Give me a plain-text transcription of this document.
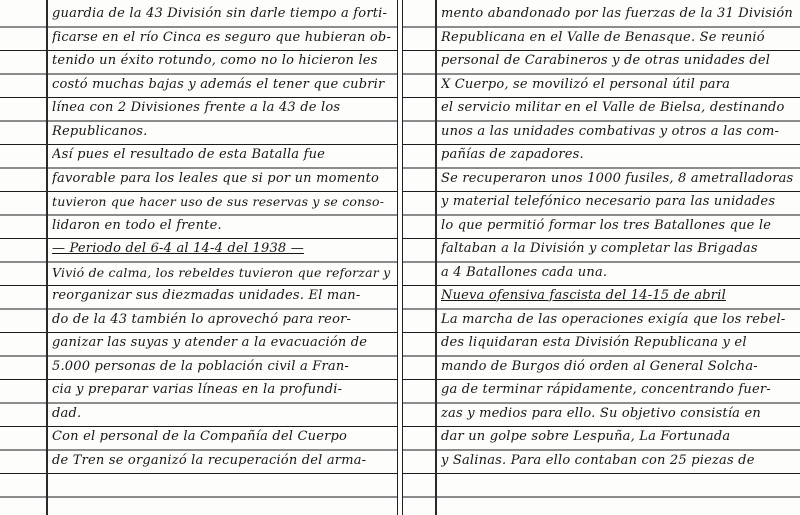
guardia de la 43 División sin darle tiempo a forti-
ficarse en el río Cinca es seguro que hubieran ob-
tenido un éxito rotundo, como no lo hicieron les
costó muchas bajas y además el tener que cubrir
línea con 2 Divisiones frente a la 43 de los
Republicanos.
Así pues el resultado de esta Batalla fue
favorable para los leales que si por un momento
tuvieron que hacer uso de sus reservas y se conso-
lidaron en todo el frente.
— Periodo del 6-4 al 14-4 del 1938 —
Vivió de calma, los rebeldes tuvieron que reforzar y
reorganizar sus diezmadas unidades. El man-
do de la 43 también lo aprovechó para reor-
ganizar las suyas y atender a la evacuación de
5.000 personas de la población civil a Fran-
cia y preparar varias líneas en la profundi-
dad.
Con el personal de la Compañía del Cuerpo
de Tren se organizó la recuperación del arma-
mento abandonado por las fuerzas de la 31 División
Republicana en el Valle de Benasque. Se reunió
personal de Carabineros y de otras unidades del
X Cuerpo, se movilizó el personal útil para
el servicio militar en el Valle de Bielsa, destinando
unos a las unidades combativas y otros a las com-
pañías de zapadores.
Se recuperaron unos 1000 fusiles, 8 ametralladoras
y material telefónico necesario para las unidades
lo que permitió formar los tres Batallones que le
faltaban a la División y completar las Brigadas
a 4 Batallones cada una.
Nueva ofensiva fascista del 14-15 de abril
La marcha de las operaciones exigía que los rebel-
des liquidaran esta División Republicana y el
mando de Burgos dió orden al General Solcha-
ga de terminar rápidamente, concentrando fuer-
zas y medios para ello. Su objetivo consistía en
dar un golpe sobre Lespuña, La Fortunada
y Salinas. Para ello contaban con 25 piezas de
